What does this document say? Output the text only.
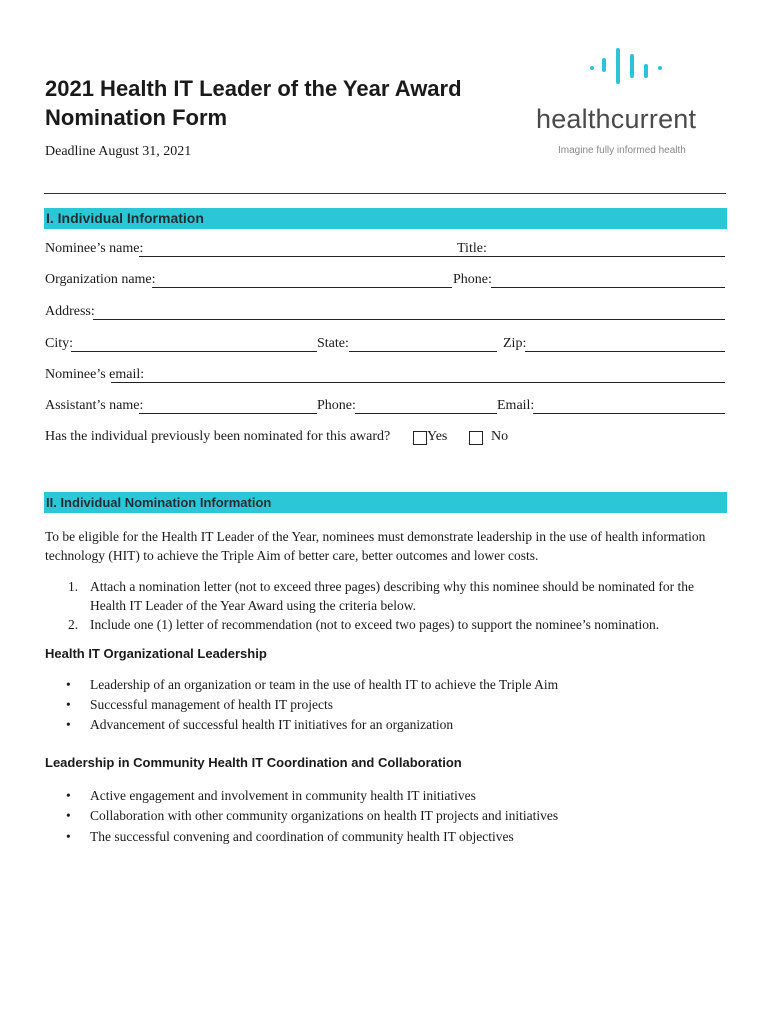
2021 Health IT Leader of the Year Award
Nomination Form
Deadline August 31, 2021
healthcurrent
Imagine fully informed health
I. Individual Information
Nominee’s name:	Title:
Organization name:	Phone:
Address:
City:	State:	Zip:
Nominee’s email:
Assistant’s name:	Phone:	Email:
Has the individual previously been nominated for this award?	Yes	No
II. Individual Nomination Information
To be eligible for the Health IT Leader of the Year, nominees must demonstrate leadership in the use of health information
technology (HIT) to achieve the Triple Aim of better care, better outcomes and lower costs.
1. Attach a nomination letter (not to exceed three pages) describing why this nominee should be nominated for the
Health IT Leader of the Year Award using the criteria below.
2. Include one (1) letter of recommendation (not to exceed two pages) to support the nominee’s nomination.
Health IT Organizational Leadership
• Leadership of an organization or team in the use of health IT to achieve the Triple Aim
• Successful management of health IT projects
• Advancement of successful health IT initiatives for an organization
Leadership in Community Health IT Coordination and Collaboration
• Active engagement and involvement in community health IT initiatives
• Collaboration with other community organizations on health IT projects and initiatives
• The successful convening and coordination of community health IT objectives
